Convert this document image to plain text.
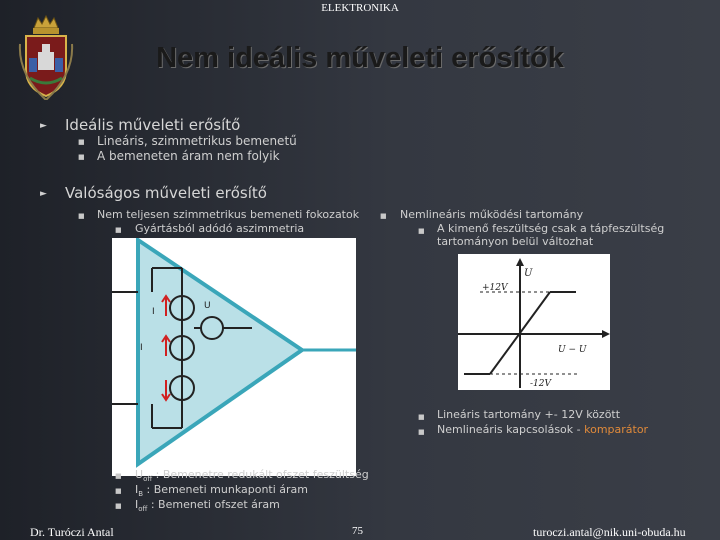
ELEKTRONIKA
Nem ideális műveleti erősítők
► Ideális műveleti erősítő
■ Lineáris, szimmetrikus bemenetű
■ A bemeneten áram nem folyik
► Valóságos műveleti erősítő
■ Nem teljesen szimmetrikus bemeneti fokozatok
■ Gyártásból adódó aszimmetria
■ Nemlineáris működési tartomány
■ A kimenő feszültség csak a tápfeszültség tartományon belül változhat
I
I
U
U
+12V
-12V
U − U
■ Lineáris tartomány +- 12V között
■ Nemlineáris kapcsolások - komparátor
■ $U_{off}$ : Bemenetre redukált ofszet feszültség
■ $I_B$ : Bemeneti munkaponti áram
■ $I_{off}$ : Bemeneti ofszet áram
Dr. Turóczi Antal	75	turoczi.antal@nik.uni-obuda.hu
